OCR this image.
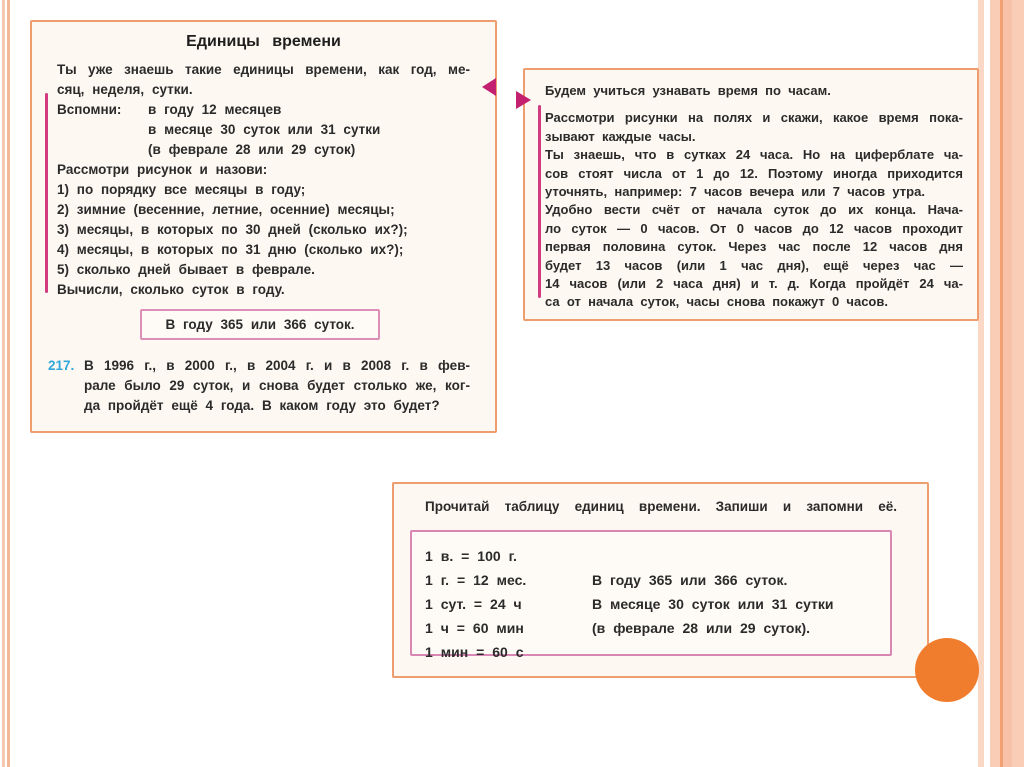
Единицы времени
Ты уже знаешь такие единицы времени, как год, ме-
сяц, неделя, сутки.
Вспомни:	в году 12 месяцев
в месяце 30 суток или 31 сутки
(в феврале 28 или 29 суток)
Рассмотри рисунок и назови:
1) по порядку все месяцы в году;
2) зимние (весенние, летние, осенние) месяцы;
3) месяцы, в которых по 30 дней (сколько их?);
4) месяцы, в которых по 31 дню (сколько их?);
5) сколько дней бывает в феврале.
Вычисли, сколько суток в году.
В году 365 или 366 суток.
217. В 1996 г., в 2000 г., в 2004 г. и в 2008 г. в фев-
рале было 29 суток, и снова будет столько же, ког-
да пройдёт ещё 4 года. В каком году это будет?
Будем учиться узнавать время по часам.
Рассмотри рисунки на полях и скажи, какое время пока-
зывают каждые часы.
Ты знаешь, что в сутках 24 часа. Но на циферблате ча-
сов стоят числа от 1 до 12. Поэтому иногда приходится
уточнять, например: 7 часов вечера или 7 часов утра.
Удобно вести счёт от начала суток до их конца. Нача-
ло суток — 0 часов. От 0 часов до 12 часов проходит
первая половина суток. Через час после 12 часов дня
будет 13 часов (или 1 час дня), ещё через час —
14 часов (или 2 часа дня) и т. д. Когда пройдёт 24 ча-
са от начала суток, часы снова покажут 0 часов.
Прочитай таблицу единиц времени. Запиши и запомни её.
1 в. = 100 г.
1 г. = 12 мес.
1 сут. = 24 ч
1 ч = 60 мин
1 мин = 60 с
В году 365 или 366 суток.
В месяце 30 суток или 31 сутки
(в феврале 28 или 29 суток).
